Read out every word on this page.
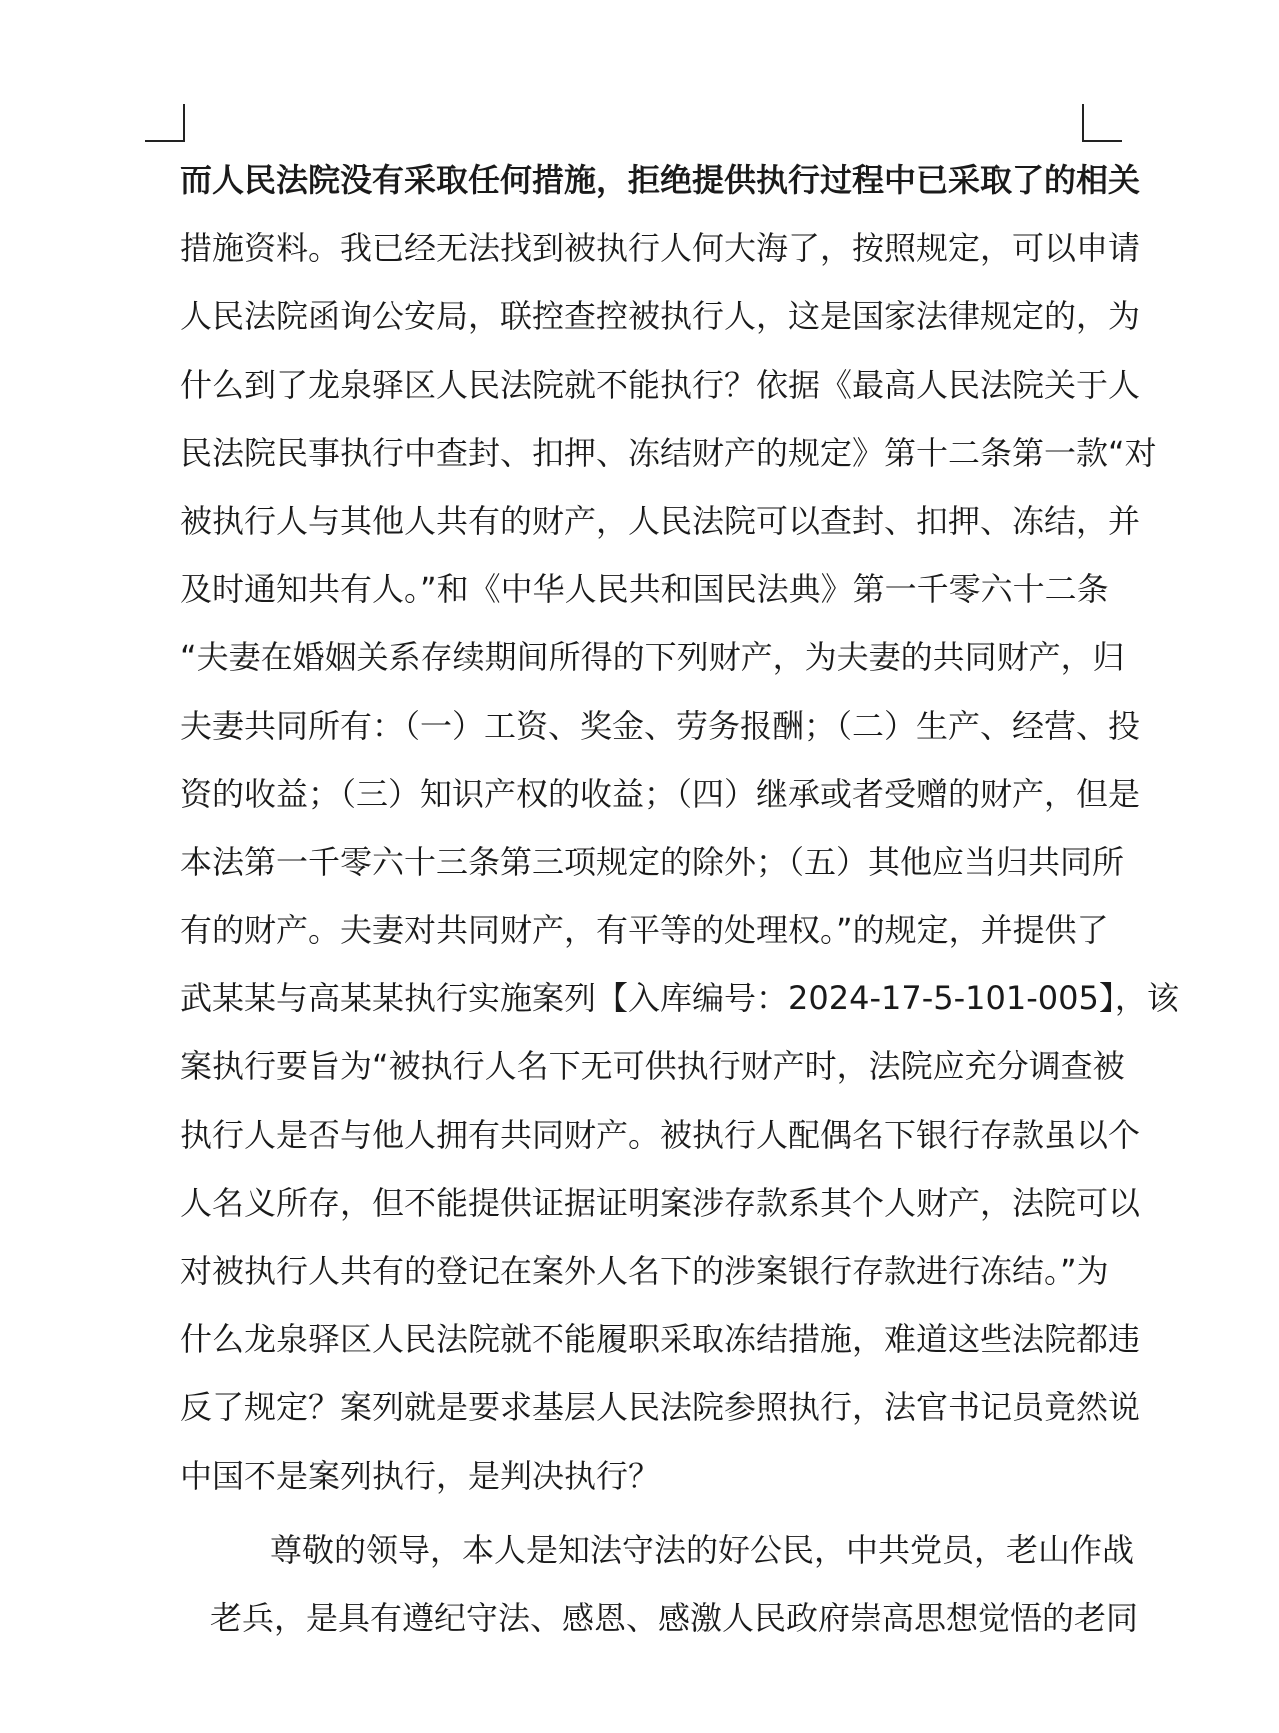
而人民法院没有采取任何措施，拒绝提供执行过程中已采取了的相关
措施资料。我已经无法找到被执行人何大海了，按照规定，可以申请
人民法院函询公安局，联控查控被执行人，这是国家法律规定的，为
什么到了龙泉驿区人民法院就不能执行？依据《最高人民法院关于人
民法院民事执行中查封、扣押、冻结财产的规定》第十二条第一款“对
被执行人与其他人共有的财产，人民法院可以查封、扣押、冻结，并
及时通知共有人。”和《中华人民共和国民法典》第一千零六十二条
“夫妻在婚姻关系存续期间所得的下列财产，为夫妻的共同财产，归
夫妻共同所有：（一）工资、奖金、劳务报酬；（二）生产、经营、投
资的收益；（三）知识产权的收益；（四）继承或者受赠的财产，但是
本法第一千零六十三条第三项规定的除外；（五）其他应当归共同所
有的财产。夫妻对共同财产，有平等的处理权。”的规定，并提供了
武某某与高某某执行实施案列【入库编号：2024-17-5-101-005】，该
案执行要旨为“被执行人名下无可供执行财产时，法院应充分调查被
执行人是否与他人拥有共同财产。被执行人配偶名下银行存款虽以个
人名义所存，但不能提供证据证明案涉存款系其个人财产，法院可以
对被执行人共有的登记在案外人名下的涉案银行存款进行冻结。”为
什么龙泉驿区人民法院就不能履职采取冻结措施，难道这些法院都违
反了规定？案列就是要求基层人民法院参照执行，法官书记员竟然说
中国不是案列执行，是判决执行？
尊敬的领导，本人是知法守法的好公民，中共党员，老山作战
老兵，是具有遵纪守法、感恩、感激人民政府崇高思想觉悟的老同
